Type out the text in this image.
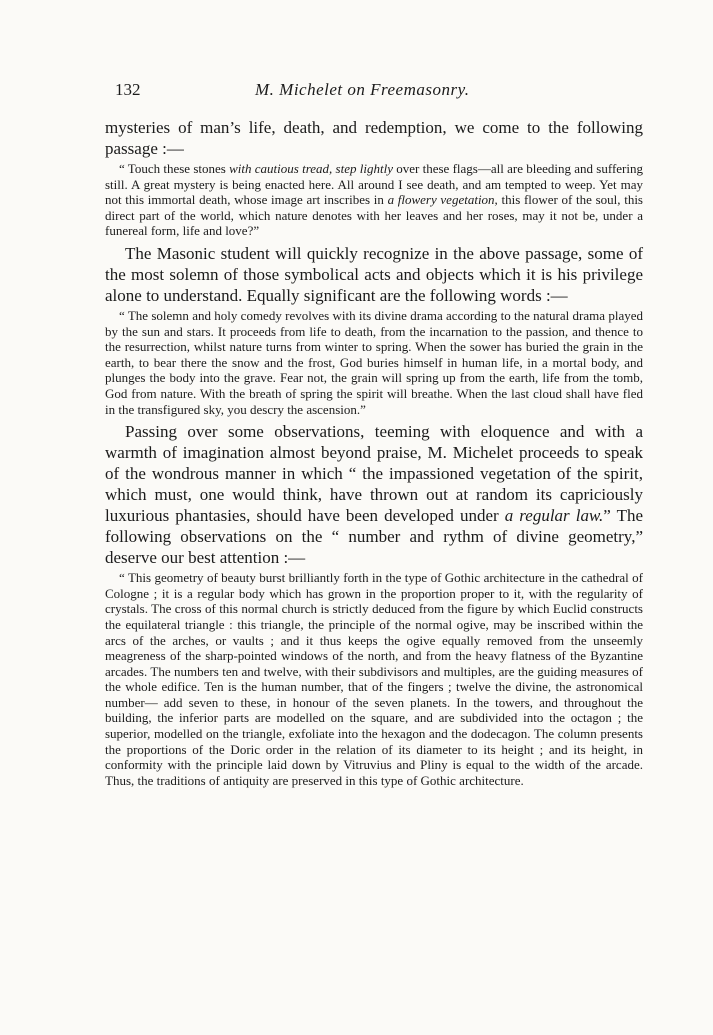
132	M. Michelet on Freemasonry.

mysteries of man’s life, death, and redemption, we come to the following passage :—

“ Touch these stones with cautious tread, step lightly over these flags—all are bleeding and suffering still. A great mystery is being enacted here. All around I see death, and am tempted to weep. Yet may not this immortal death, whose image art inscribes in a flowery vegetation, this flower of the soul, this direct part of the world, which nature denotes with her leaves and her roses, may it not be, under a funereal form, life and love?”

The Masonic student will quickly recognize in the above passage, some of the most solemn of those symbolical acts and objects which it is his privilege alone to understand. Equally significant are the following words :—

“ The solemn and holy comedy revolves with its divine drama according to the natural drama played by the sun and stars. It proceeds from life to death, from the incarnation to the passion, and thence to the resurrection, whilst nature turns from winter to spring. When the sower has buried the grain in the earth, to bear there the snow and the frost, God buries himself in human life, in a mortal body, and plunges the body into the grave. Fear not, the grain will spring up from the earth, life from the tomb, God from nature. With the breath of spring the spirit will breathe. When the last cloud shall have fled in the transfigured sky, you descry the ascension.”

Passing over some observations, teeming with eloquence and with a warmth of imagination almost beyond praise, M. Michelet proceeds to speak of the wondrous manner in which “ the impassioned vegetation of the spirit, which must, one would think, have thrown out at random its capriciously luxurious phantasies, should have been developed under a regular law.” The following observations on the “ number and rythm of divine geometry,” deserve our best attention :—

“ This geometry of beauty burst brilliantly forth in the type of Gothic architecture in the cathedral of Cologne ; it is a regular body which has grown in the proportion proper to it, with the regularity of crystals. The cross of this normal church is strictly deduced from the figure by which Euclid constructs the equilateral triangle : this triangle, the principle of the normal ogive, may be inscribed within the arcs of the arches, or vaults ; and it thus keeps the ogive equally removed from the unseemly meagreness of the sharp-pointed windows of the north, and from the heavy flatness of the Byzantine arcades. The numbers ten and twelve, with their subdivisors and multiples, are the guiding measures of the whole edifice. Ten is the human number, that of the fingers ; twelve the divine, the astronomical number— add seven to these, in honour of the seven planets. In the towers, and throughout the building, the inferior parts are modelled on the square, and are subdivided into the octagon ; the superior, modelled on the triangle, exfoliate into the hexagon and the dodecagon. The column presents the proportions of the Doric order in the relation of its diameter to its height ; and its height, in conformity with the principle laid down by Vitruvius and Pliny is equal to the width of the arcade. Thus, the traditions of antiquity are preserved in this type of Gothic architecture.
